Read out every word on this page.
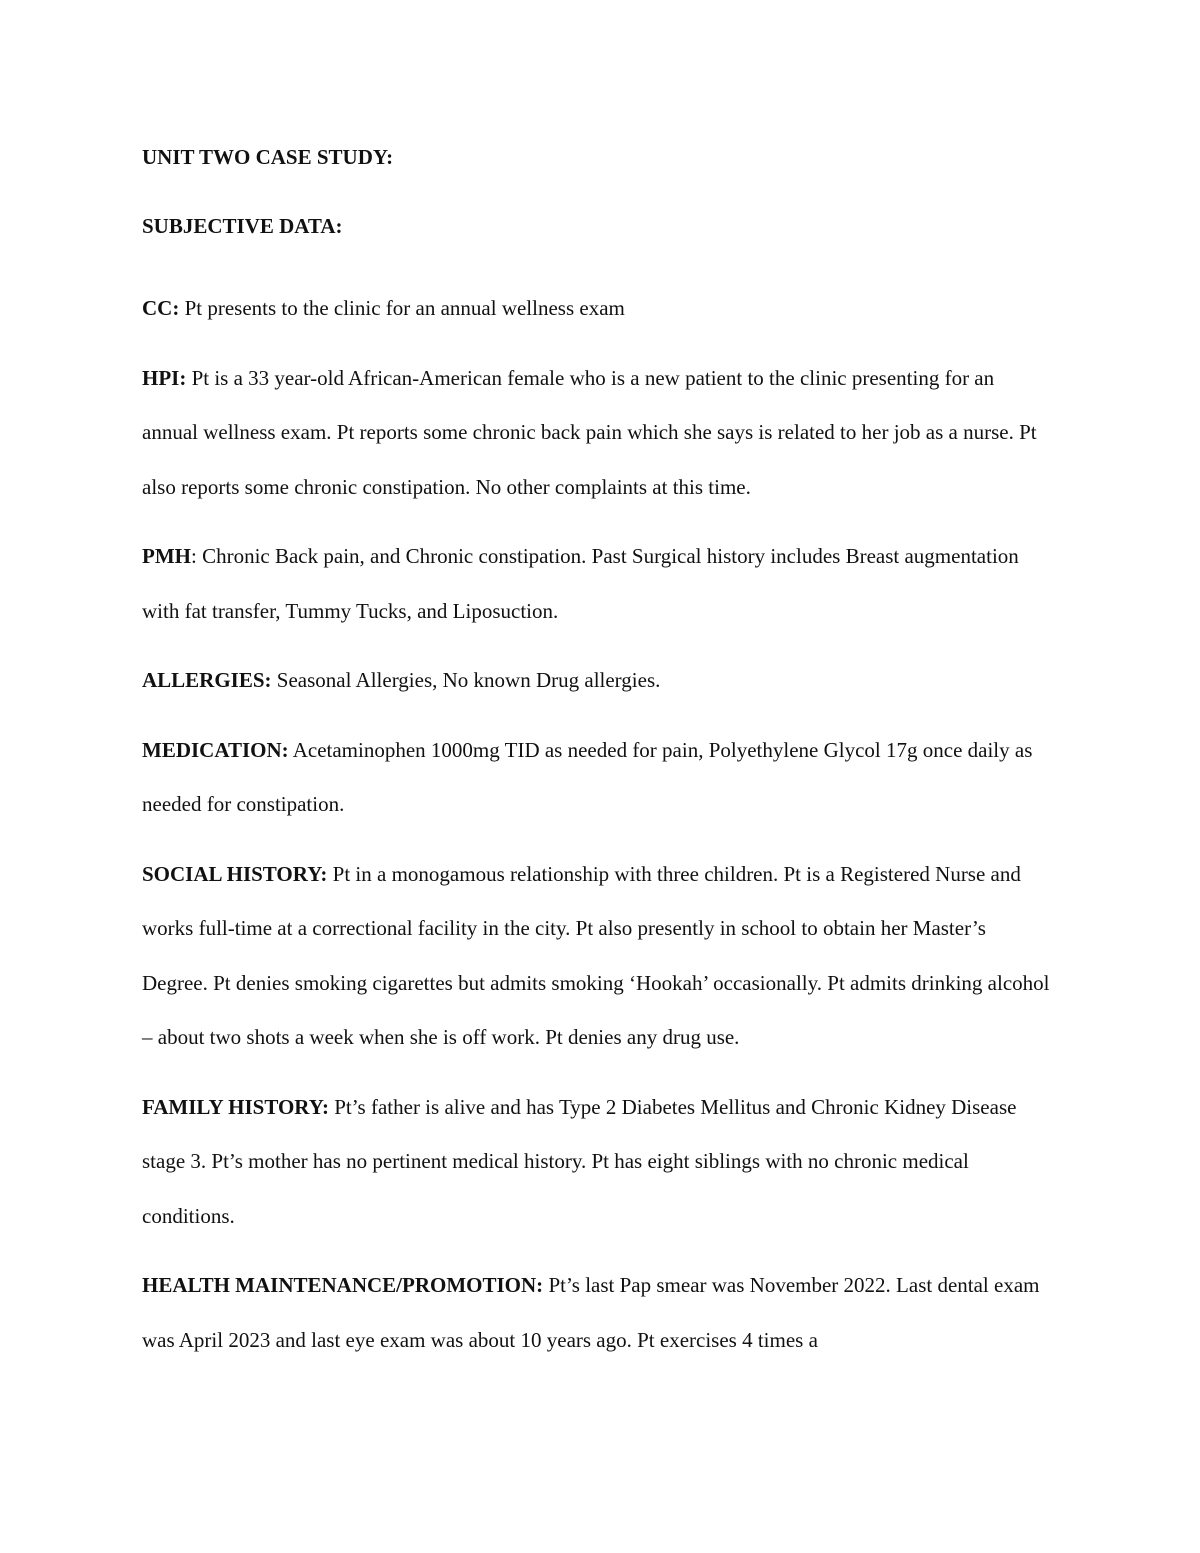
UNIT TWO CASE STUDY:

SUBJECTIVE DATA:

CC: Pt presents to the clinic for an annual wellness exam

HPI: Pt is a 33 year-old African-American female who is a new patient to the clinic presenting for an annual wellness exam. Pt reports some chronic back pain which she says is related to her job as a nurse. Pt also reports some chronic constipation. No other complaints at this time.

PMH: Chronic Back pain, and Chronic constipation. Past Surgical history includes Breast augmentation with fat transfer, Tummy Tucks, and Liposuction.

ALLERGIES: Seasonal Allergies, No known Drug allergies.

MEDICATION: Acetaminophen 1000mg TID as needed for pain, Polyethylene Glycol 17g once daily as needed for constipation.

SOCIAL HISTORY: Pt in a monogamous relationship with three children. Pt is a Registered Nurse and works full-time at a correctional facility in the city. Pt also presently in school to obtain her Master’s Degree. Pt denies smoking cigarettes but admits smoking ‘Hookah’ occasionally. Pt admits drinking alcohol – about two shots a week when she is off work. Pt denies any drug use.

FAMILY HISTORY: Pt’s father is alive and has Type 2 Diabetes Mellitus and Chronic Kidney Disease stage 3. Pt’s mother has no pertinent medical history. Pt has eight siblings with no chronic medical conditions.

HEALTH MAINTENANCE/PROMOTION: Pt’s last Pap smear was November 2022. Last dental exam was April 2023 and last eye exam was about 10 years ago. Pt exercises 4 times a
